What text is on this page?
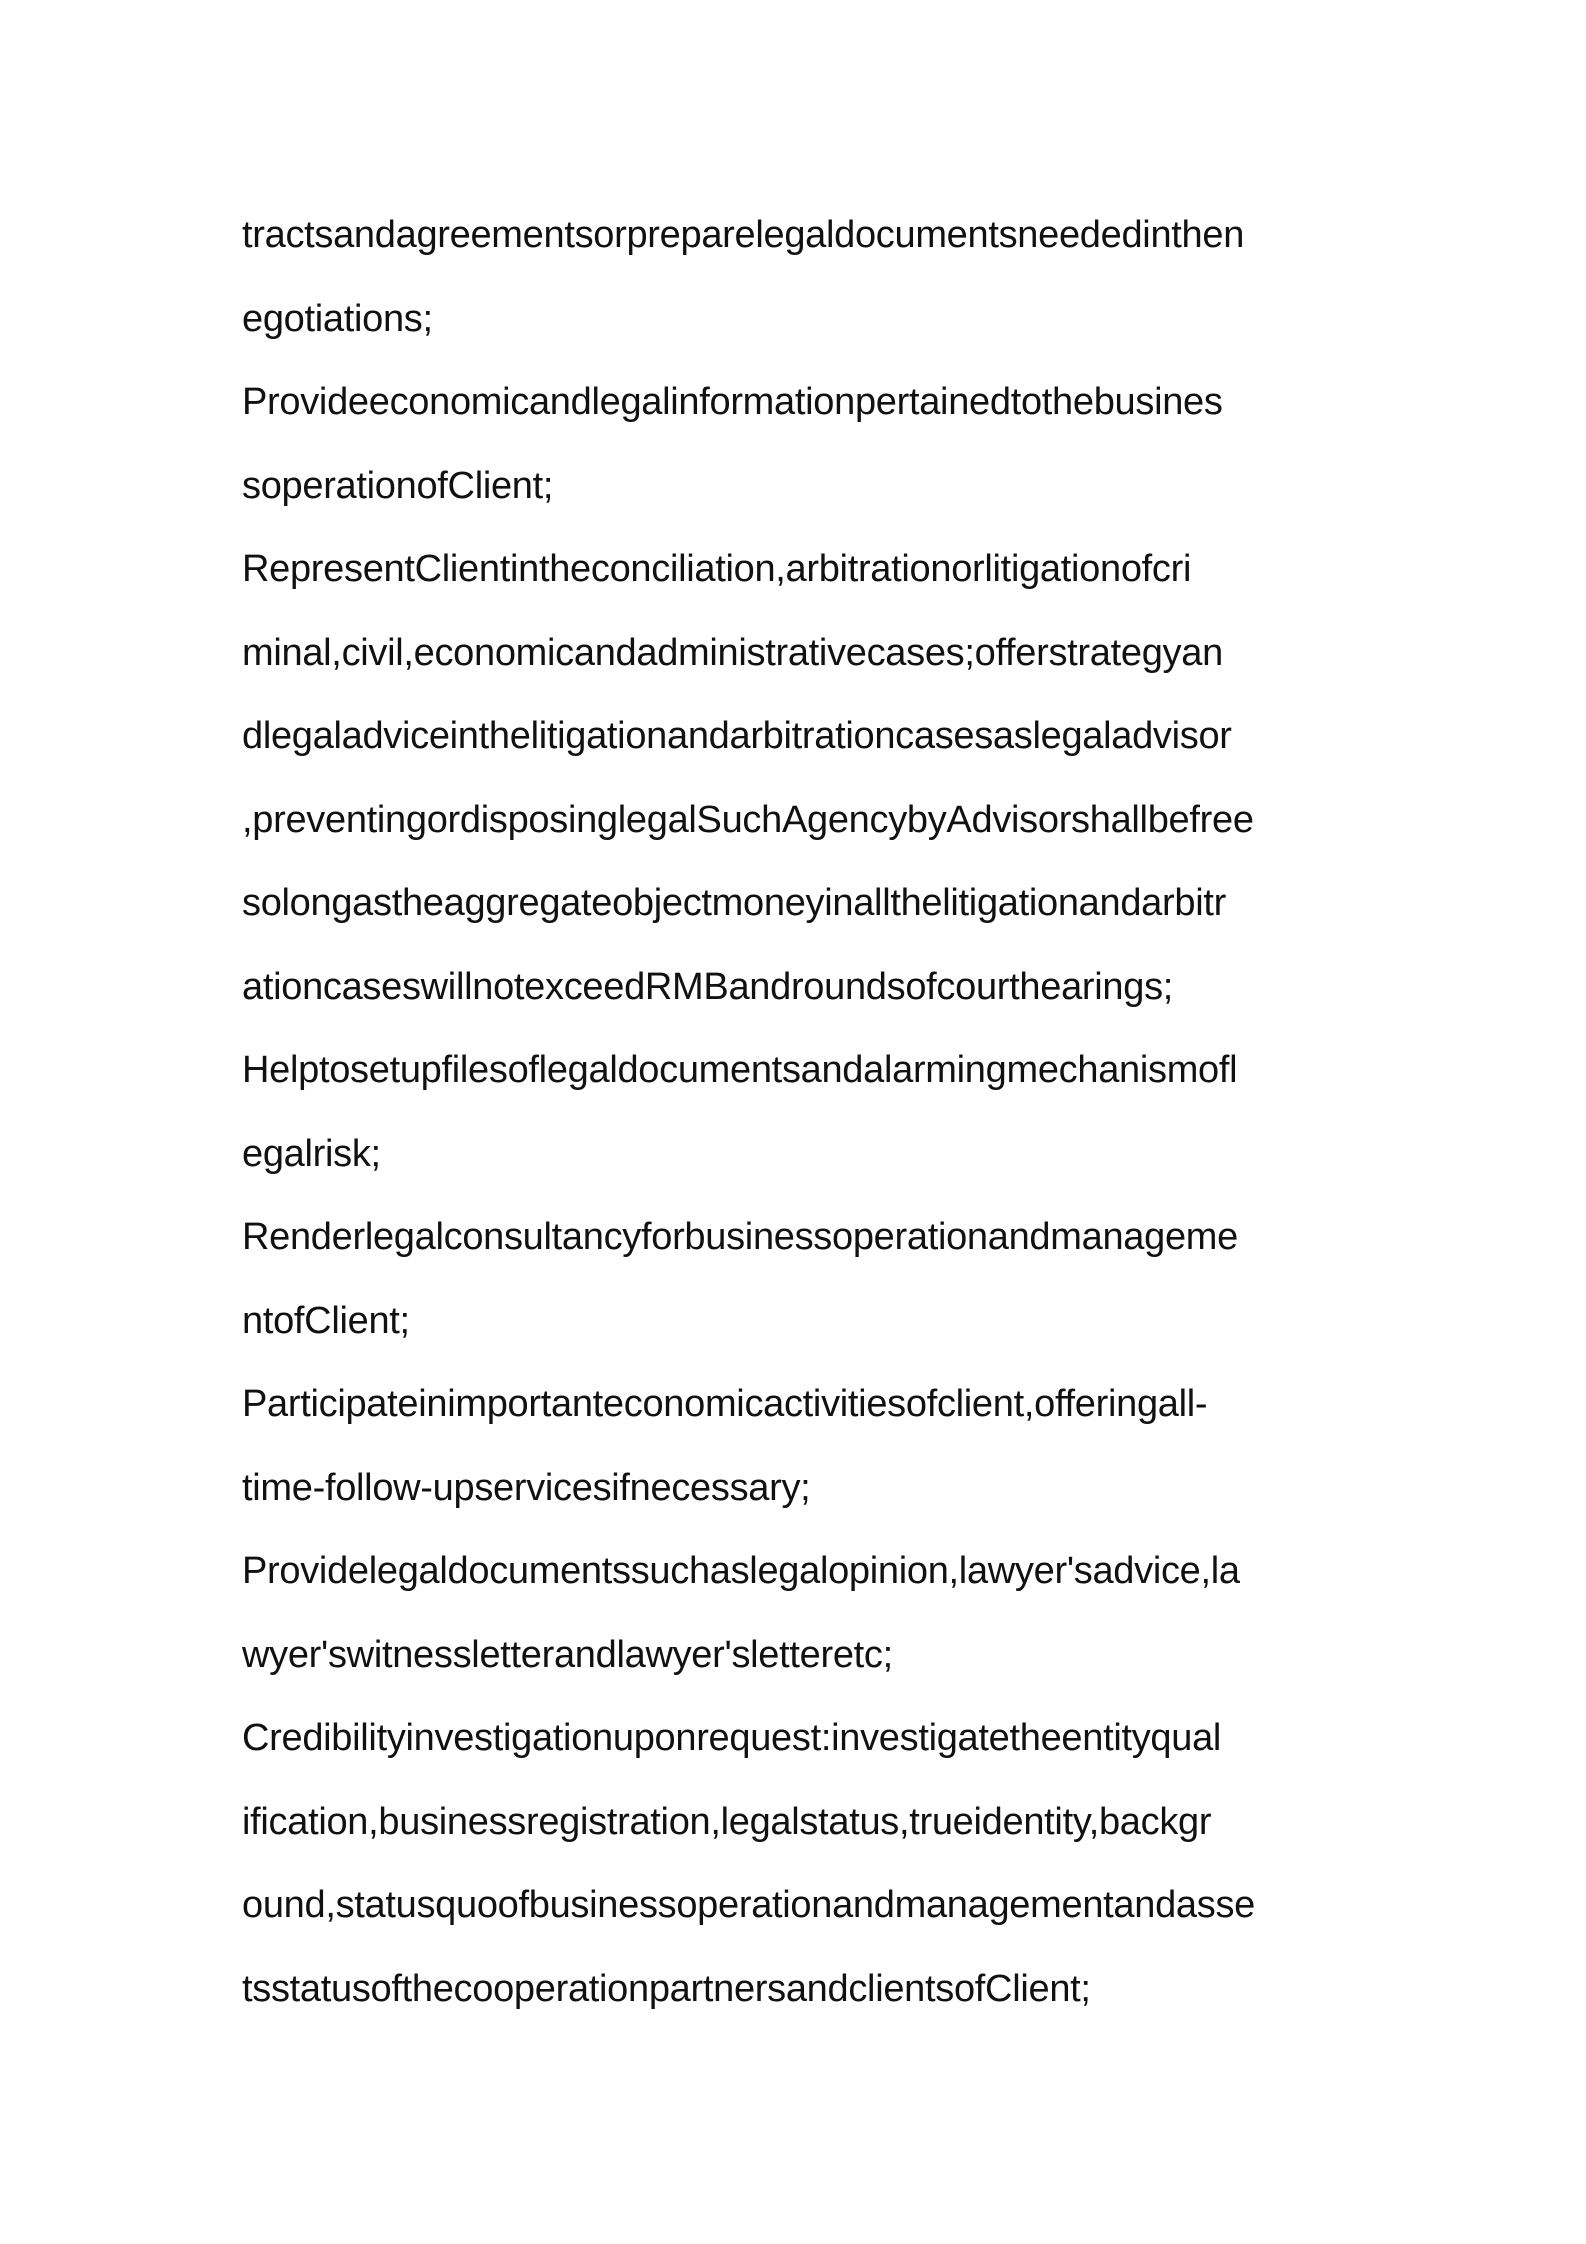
tractsandagreementsorpreparelegaldocumentsneededinthen
egotiations;
Provideeconomicandlegalinformationpertainedtothebusines
soperationofClient;
RepresentClientintheconciliation,arbitrationorlitigationofcri
minal,civil,economicandadministrativecases;offerstrategyan
dlegaladviceinthelitigationandarbitrationcasesaslegaladvisor
,preventingordisposinglegalSuchAgencybyAdvisorshallbefree
solongastheaggregateobjectmoneyinallthelitigationandarbitr
ationcaseswillnotexceedRMBandroundsofcourthearings;
Helptosetupfilesoflegaldocumentsandalarmingmechanismofl
egalrisk;
Renderlegalconsultancyforbusinessoperationandmanageme
ntofClient;
Participateinimportanteconomicactivitiesofclient,offeringall-
time-follow-upservicesifnecessary;
Providelegaldocumentssuchaslegalopinion,lawyer'sadvice,la
wyer'switnessletterandlawyer'sletteretc;
Credibilityinvestigationuponrequest:investigatetheentityqual
ification,businessregistration,legalstatus,trueidentity,backgr
ound,statusquoofbusinessoperationandmanagementandasse
tsstatusofthecooperationpartnersandclientsofClient;
